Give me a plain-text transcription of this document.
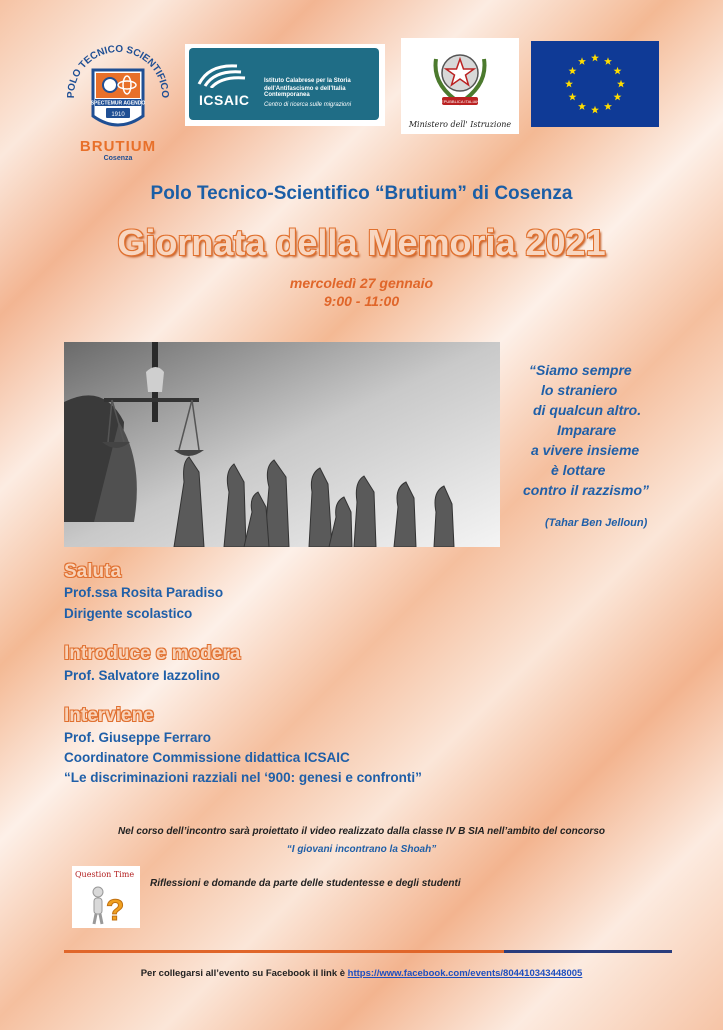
POLO TECNICO SCIENTIFICO
SPECTEMUR AGENDO
1910
BRUTIUM
Cosenza
ICSAIC
Istituto Calabrese per la Storia
dell'Antifascismo e dell'Italia Contemporanea
Centro di ricerca sulle migrazioni
REPUBBLICA ITALIANA
Ministero dell' Istruzione
Polo Tecnico-Scientifico “Brutium” di Cosenza
Giornata della Memoria 2021
mercoledì 27 gennaio
9:00 - 11:00
“Siamo sempre
lo straniero
di qualcun altro.
Imparare
a vivere insieme
è lottare
contro il razzismo”
(Tahar Ben Jelloun)
Saluta
Prof.ssa Rosita Paradiso
Dirigente scolastico
Introduce e modera
Prof. Salvatore Iazzolino
Interviene
Prof. Giuseppe Ferraro
Coordinatore Commissione didattica ICSAIC
“Le discriminazioni razziali nel ‘900: genesi e confronti”
Nel corso dell’incontro sarà proiettato il video realizzato dalla classe IV B SIA nell’ambito del concorso
“I giovani incontrano la Shoah”
Question Time
?
Riflessioni e domande da parte delle studentesse e degli studenti
Per collegarsi all’evento su Facebook il link è https://www.facebook.com/events/804410343448005
